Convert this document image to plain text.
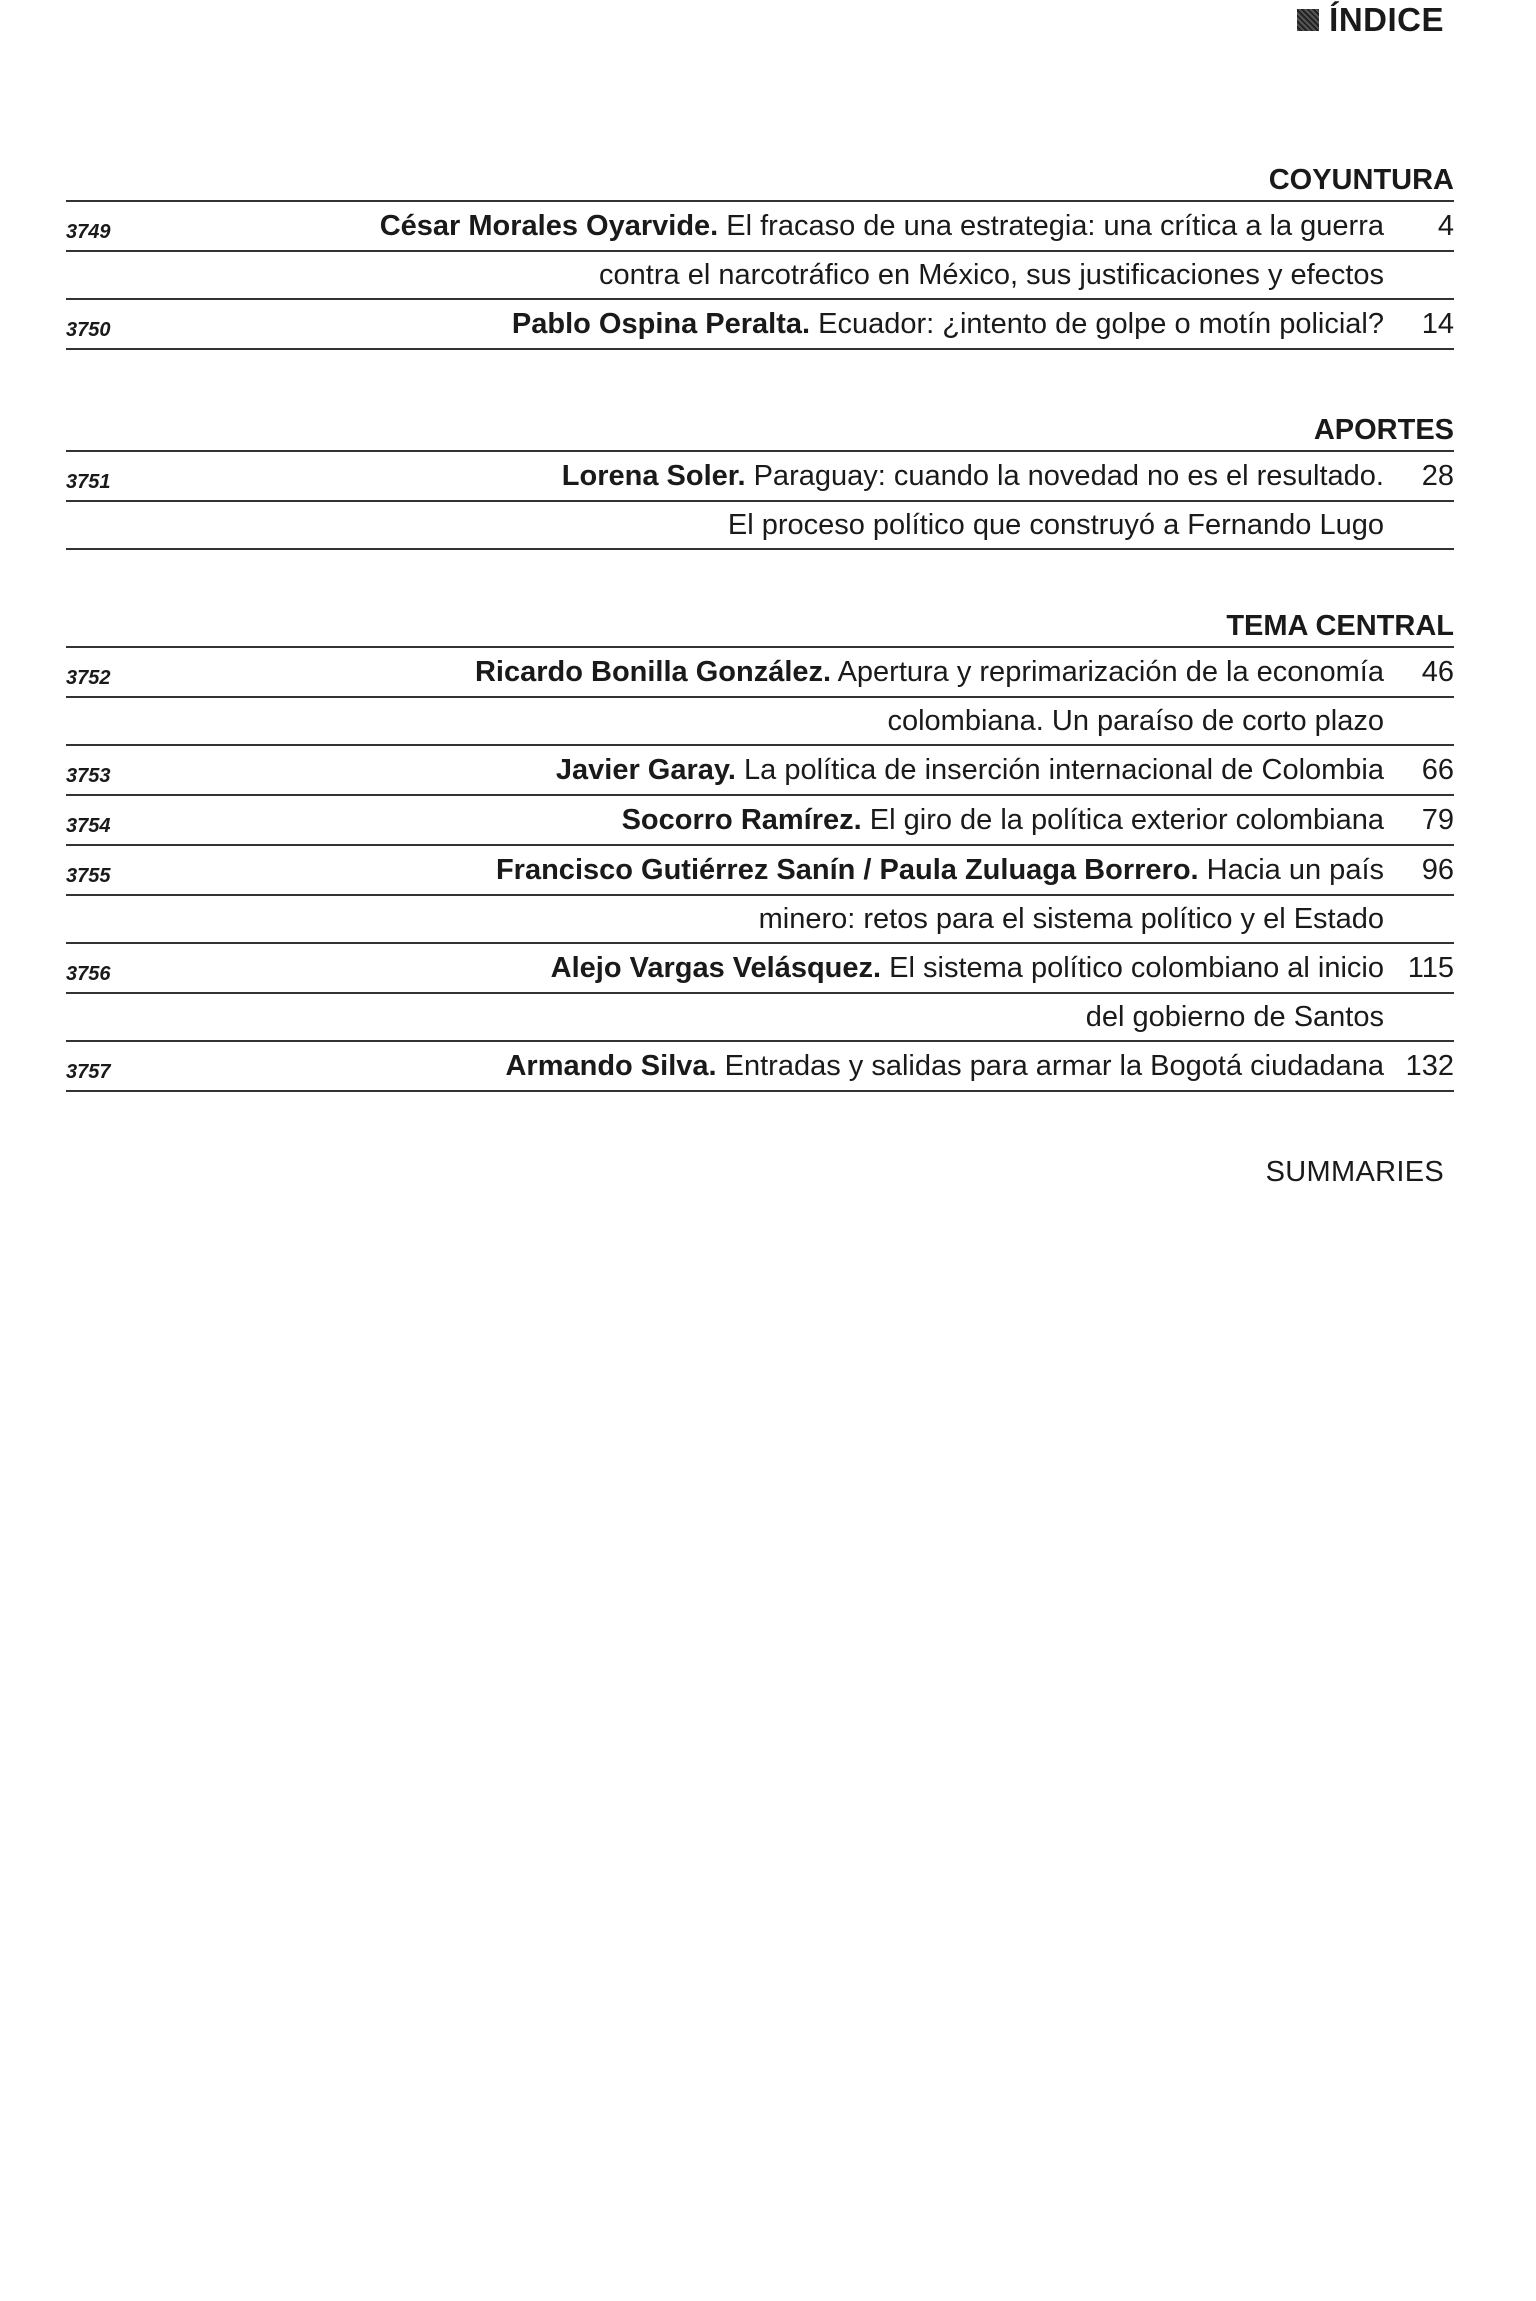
ÍNDICE
COYUNTURA
3749	César Morales Oyarvide. El fracaso de una estrategia: una crítica a la guerra	4
contra el narcotráfico en México, sus justificaciones y efectos
3750	Pablo Ospina Peralta. Ecuador: ¿intento de golpe o motín policial?	14
APORTES
3751	Lorena Soler. Paraguay: cuando la novedad no es el resultado.	28
El proceso político que construyó a Fernando Lugo
TEMA CENTRAL
3752	Ricardo Bonilla González. Apertura y reprimarización de la economía	46
colombiana. Un paraíso de corto plazo
3753	Javier Garay. La política de inserción internacional de Colombia	66
3754	Socorro Ramírez. El giro de la política exterior colombiana	79
3755	Francisco Gutiérrez Sanín / Paula Zuluaga Borrero. Hacia un país	96
minero: retos para el sistema político y el Estado
3756	Alejo Vargas Velásquez. El sistema político colombiano al inicio 115
del gobierno de Santos
3757	Armando Silva. Entradas y salidas para armar la Bogotá ciudadana 132
SUMMARIES
